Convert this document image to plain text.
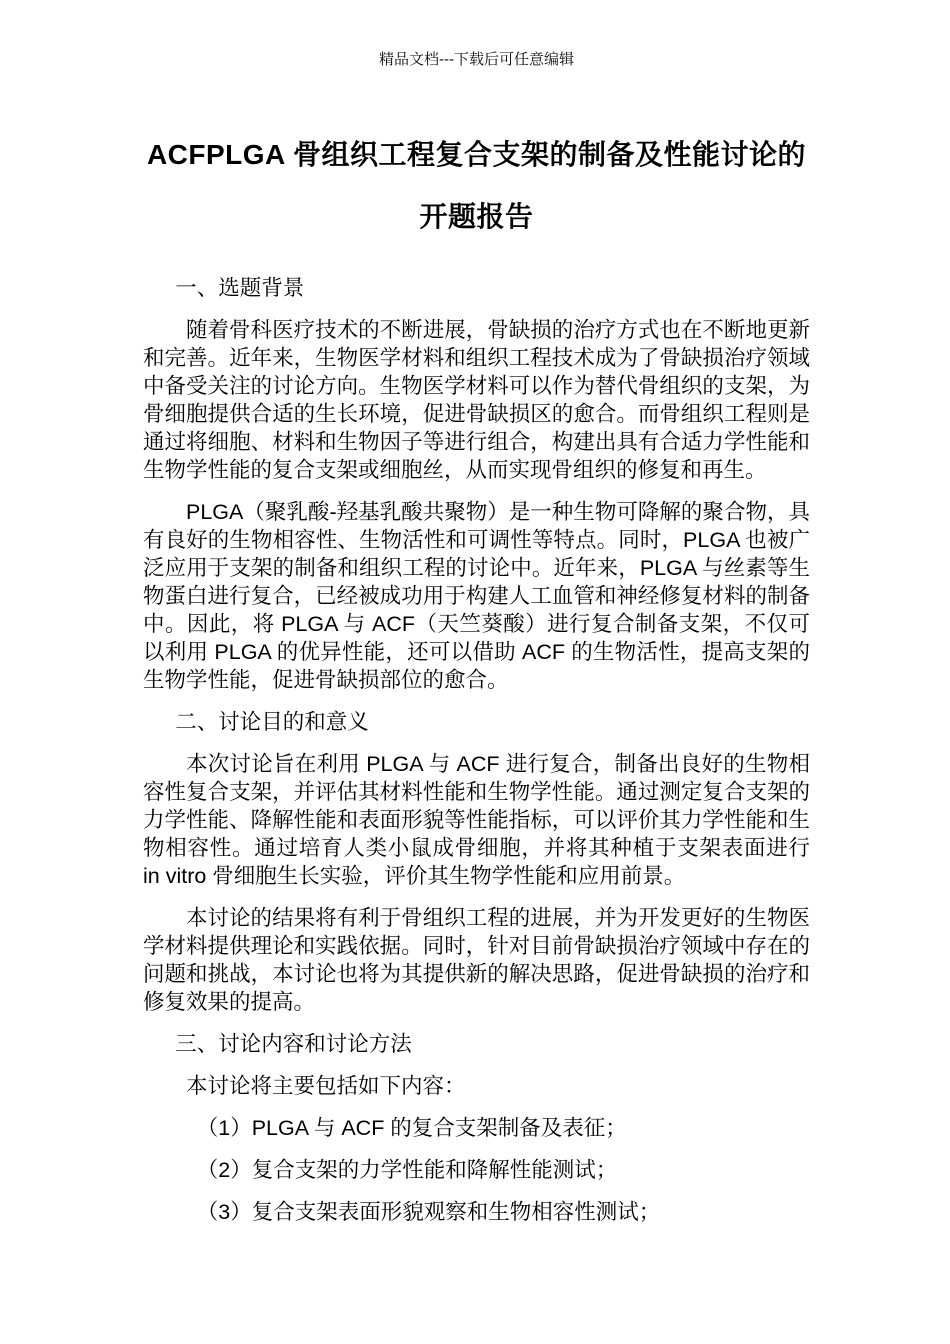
精品文档---下载后可任意编辑
ACFPLGA 骨组织工程复合支架的制备及性能讨论的
开题报告

一、选题背景

随着骨科医疗技术的不断进展，骨缺损的治疗方式也在不断地更新和完善。近年来，生物医学材料和组织工程技术成为了骨缺损治疗领域中备受关注的讨论方向。生物医学材料可以作为替代骨组织的支架，为骨细胞提供合适的生长环境，促进骨缺损区的愈合。而骨组织工程则是通过将细胞、材料和生物因子等进行组合，构建出具有合适力学性能和生物学性能的复合支架或细胞丝，从而实现骨组织的修复和再生。

PLGA（聚乳酸-羟基乳酸共聚物）是一种生物可降解的聚合物，具有良好的生物相容性、生物活性和可调性等特点。同时，PLGA 也被广泛应用于支架的制备和组织工程的讨论中。近年来，PLGA 与丝素等生物蛋白进行复合，已经被成功用于构建人工血管和神经修复材料的制备中。因此，将 PLGA 与 ACF（天竺葵酸）进行复合制备支架，不仅可以利用 PLGA 的优异性能，还可以借助 ACF 的生物活性，提高支架的生物学性能，促进骨缺损部位的愈合。

二、讨论目的和意义

本次讨论旨在利用 PLGA 与 ACF 进行复合，制备出良好的生物相容性复合支架，并评估其材料性能和生物学性能。通过测定复合支架的力学性能、降解性能和表面形貌等性能指标，可以评价其力学性能和生物相容性。通过培育人类小鼠成骨细胞，并将其种植于支架表面进行 in vitro 骨细胞生长实验，评价其生物学性能和应用前景。

本讨论的结果将有利于骨组织工程的进展，并为开发更好的生物医学材料提供理论和实践依据。同时，针对目前骨缺损治疗领域中存在的问题和挑战，本讨论也将为其提供新的解决思路，促进骨缺损的治疗和修复效果的提高。

三、讨论内容和讨论方法

本讨论将主要包括如下内容：

（1）PLGA 与 ACF 的复合支架制备及表征；

（2）复合支架的力学性能和降解性能测试；

（3）复合支架表面形貌观察和生物相容性测试；
